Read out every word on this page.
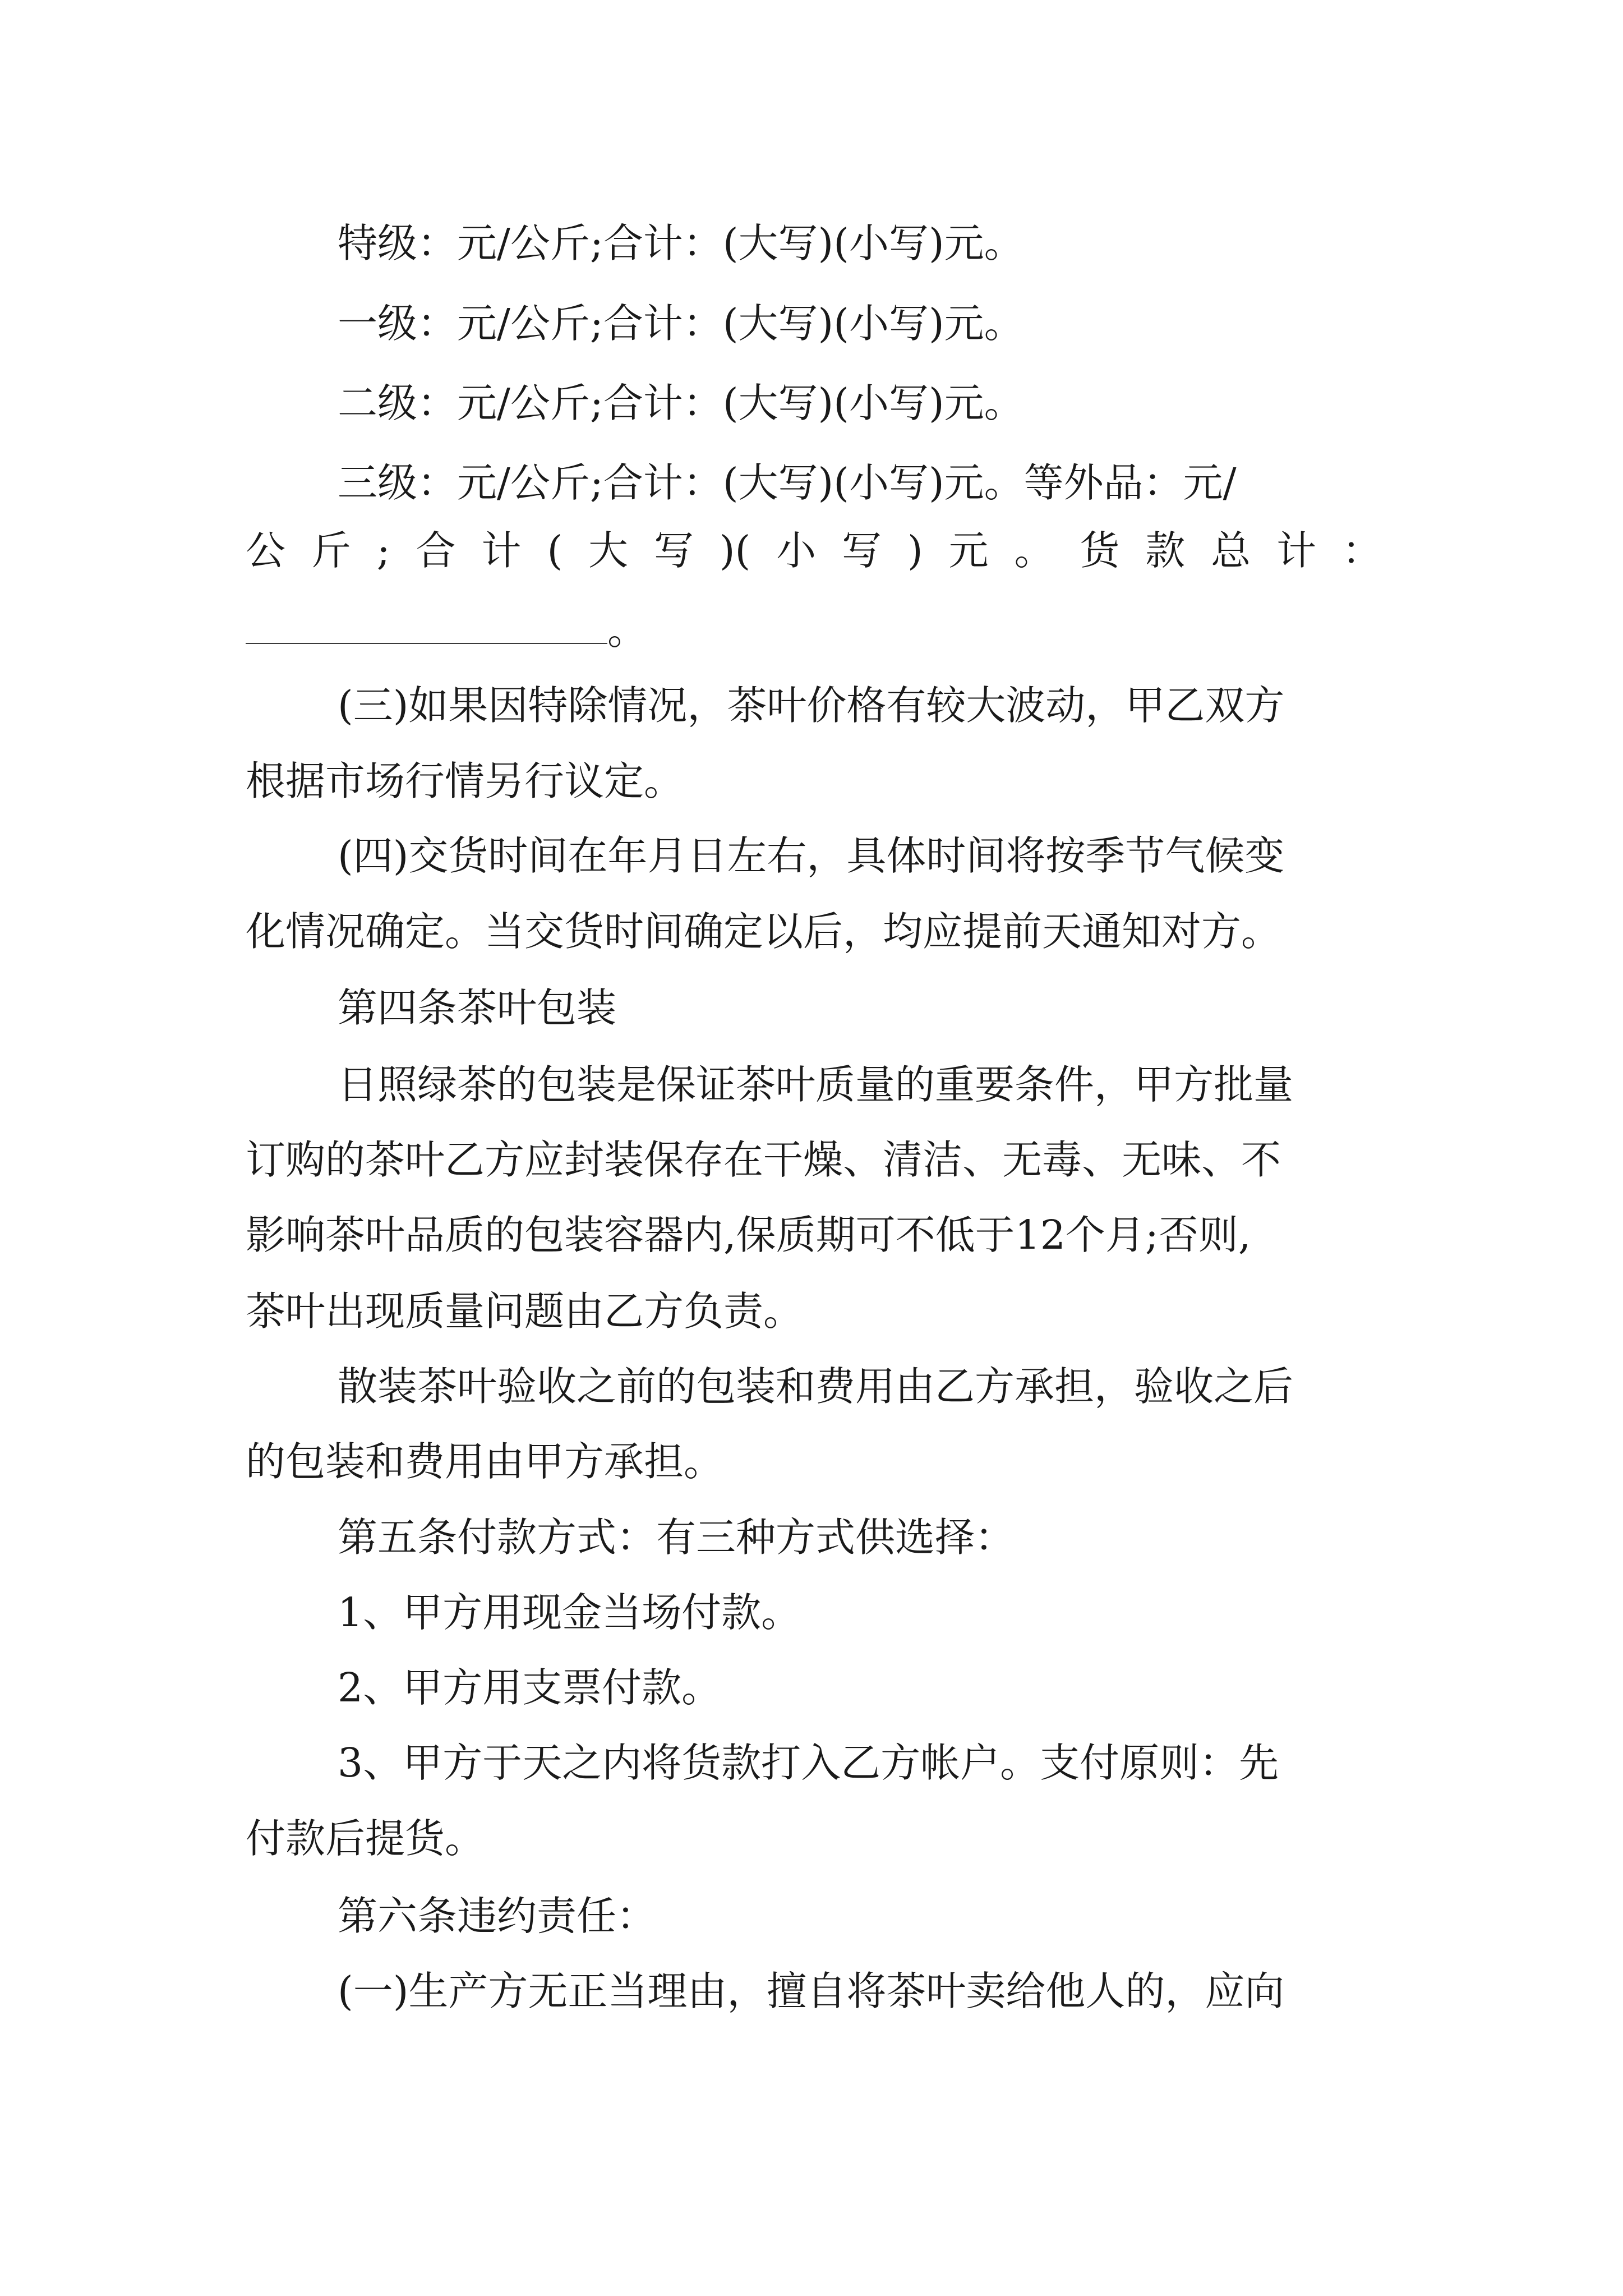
特级：元/公斤;合计：(大写)(小写)元。
一级：元/公斤;合计：(大写)(小写)元。
二级：元/公斤;合计：(大写)(小写)元。
三级：元/公斤;合计：(大写)(小写)元。等外品：元/
公斤;合计(大写)(小写)元。货款总计：
。
(三)如果因特除情况，茶叶价格有较大波动，甲乙双方
根据市场行情另行议定。
(四)交货时间在年月日左右，具体时间将按季节气候变
化情况确定。当交货时间确定以后，均应提前天通知对方。
第四条茶叶包装
日照绿茶的包装是保证茶叶质量的重要条件，甲方批量
订购的茶叶乙方应封装保存在干燥、清洁、无毒、无味、不
影响茶叶品质的包装容器内,保质期可不低于12个月;否则,
茶叶出现质量问题由乙方负责。
散装茶叶验收之前的包装和费用由乙方承担，验收之后
的包装和费用由甲方承担。
第五条付款方式：有三种方式供选择：
1、甲方用现金当场付款。
2、甲方用支票付款。
3、甲方于天之内将货款打入乙方帐户。支付原则：先
付款后提货。
第六条违约责任：
(一)生产方无正当理由，擅自将茶叶卖给他人的，应向
